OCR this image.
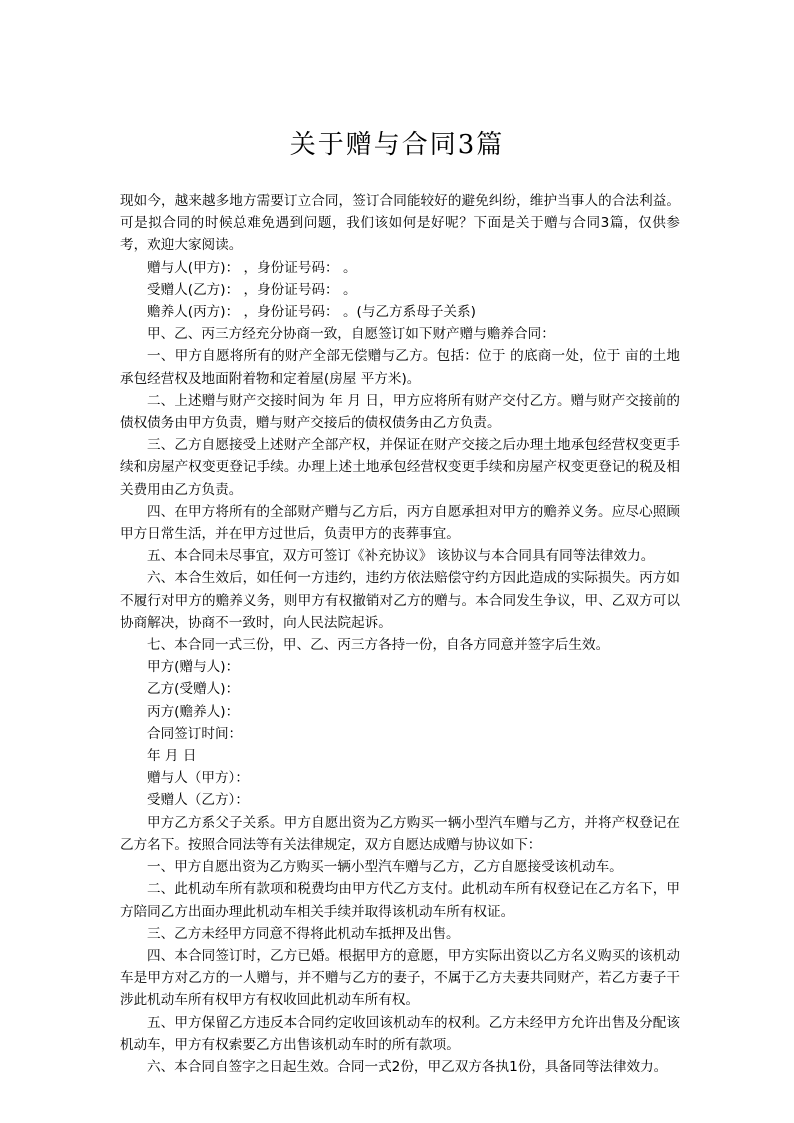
关于赠与合同3篇

现如今，越来越多地方需要订立合同，签订合同能较好的避免纠纷，维护当事人的合法利益。可是拟合同的时候总难免遇到问题，我们该如何是好呢？下面是关于赠与合同3篇，仅供参考，欢迎大家阅读。

赠与人(甲方)： ，身份证号码： 。

受赠人(乙方)： ，身份证号码： 。

赡养人(丙方)： ，身份证号码： 。(与乙方系母子关系)

甲、乙、丙三方经充分协商一致，自愿签订如下财产赠与赡养合同：

一、甲方自愿将所有的财产全部无偿赠与乙方。包括：位于 的底商一处，位于 亩的土地承包经营权及地面附着物和定着屋(房屋 平方米)。

二、上述赠与财产交接时间为 年 月 日，甲方应将所有财产交付乙方。赠与财产交接前的债权债务由甲方负责，赠与财产交接后的债权债务由乙方负责。

三、乙方自愿接受上述财产全部产权，并保证在财产交接之后办理土地承包经营权变更手续和房屋产权变更登记手续。办理上述土地承包经营权变更手续和房屋产权变更登记的税及相关费用由乙方负责。

四、在甲方将所有的全部财产赠与乙方后，丙方自愿承担对甲方的赡养义务。应尽心照顾甲方日常生活，并在甲方过世后，负责甲方的丧葬事宜。

五、本合同未尽事宜，双方可签订《补充协议》 该协议与本合同具有同等法律效力。

六、本合生效后，如任何一方违约，违约方依法赔偿守约方因此造成的实际损失。丙方如不履行对甲方的赡养义务，则甲方有权撤销对乙方的赠与。本合同发生争议，甲、乙双方可以协商解决，协商不一致时，向人民法院起诉。

七、本合同一式三份，甲、乙、丙三方各持一份，自各方同意并签字后生效。

甲方(赠与人)：

乙方(受赠人)：

丙方(赡养人)：

合同签订时间：

年 月 日

赠与人（甲方）：

受赠人（乙方）：

甲方乙方系父子关系。甲方自愿出资为乙方购买一辆小型汽车赠与乙方，并将产权登记在乙方名下。按照合同法等有关法律规定，双方自愿达成赠与协议如下：

一、甲方自愿出资为乙方购买一辆小型汽车赠与乙方，乙方自愿接受该机动车。

二、此机动车所有款项和税费均由甲方代乙方支付。此机动车所有权登记在乙方名下，甲方陪同乙方出面办理此机动车相关手续并取得该机动车所有权证。

三、乙方未经甲方同意不得将此机动车抵押及出售。

四、本合同签订时，乙方已婚。根据甲方的意愿，甲方实际出资以乙方名义购买的该机动车是甲方对乙方的一人赠与，并不赠与乙方的妻子，不属于乙方夫妻共同财产，若乙方妻子干涉此机动车所有权甲方有权收回此机动车所有权。

五、甲方保留乙方违反本合同约定收回该机动车的权利。乙方未经甲方允许出售及分配该机动车，甲方有权索要乙方出售该机动车时的所有款项。

六、本合同自签字之日起生效。合同一式2份，甲乙双方各执1份，具备同等法律效力。
